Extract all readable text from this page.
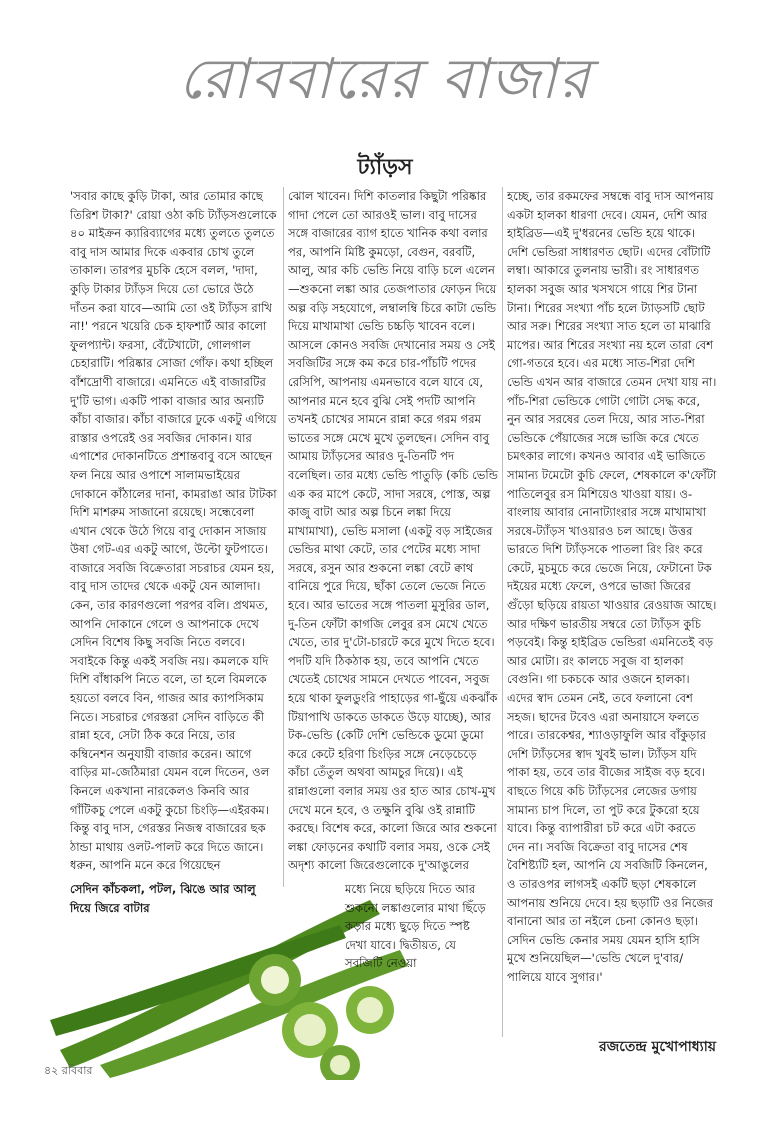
রোববারের বাজার
ট্যাঁড়স

'সবার কাছে কুড়ি টাকা, আর তোমার কাছে তিরিশ টাকা?' রোয়া ওঠা কচি ট্যাঁড়সগুলোকে ৪০ মাইক্রন ক্যারিব্যাগের মধ্যে তুলতে তুলতে বাবু দাস আমার দিকে একবার চোখ তুলে তাকাল। তারপর মুচকি হেসে বলল, 'দাদা, কুড়ি টাকার ট্যাঁড়স দিয়ে তো ভোরে উঠে দাঁতন করা যাবে—আমি তো ওই ট্যাঁড়স রাখি না!' পরনে খয়েরি চেক হাফশার্ট আর কালো ফুলপ্যান্ট। ফরসা, বেঁটেখাটো, গোলগাল চেহারাটি। পরিষ্কার সোজা গোঁফ। কথা হচ্ছিল বাঁশদ্রোণী বাজারে। এমনিতে এই বাজারটির দু'টি ভাগ। একটি পাকা বাজার আর অন্যটি কাঁচা বাজার। কাঁচা বাজারে ঢুকে একটু এগিয়ে রাস্তার ওপরেই ওর সবজির দোকান। যার এপাশের দোকানটিতে প্রশান্তবাবু বসে আছেন ফল নিয়ে আর ওপাশে সালামভাইয়ের দোকানে কাঁঠালের দানা, কামরাঙা আর টাটকা দিশি মাশরুম সাজানো রয়েছে। সন্ধেবেলা এখান থেকে উঠে গিয়ে বাবু দোকান সাজায় উষা গেট-এর একটু আগে, উল্টো ফুটপাতে। বাজারে সবজি বিক্রেতারা সচরাচর যেমন হয়, বাবু দাস তাদের থেকে একটু যেন আলাদা। কেন, তার কারণগুলো পরপর বলি। প্রথমত, আপনি দোকানে গেলে ও আপনাকে দেখে সেদিন বিশেষ কিছু সবজি নিতে বলবে। সবাইকে কিন্তু একই সবজি নয়। কমলকে যদি দিশি বাঁধাকপি নিতে বলে, তা হলে বিমলকে হয়তো বলবে বিন, গাজর আর ক্যাপসিকাম নিতে। সচরাচর গেরস্তরা সেদিন বাড়িতে কী রান্না হবে, সেটা ঠিক করে নিয়ে, তার কম্বিনেশন অনুযায়ী বাজার করেন। আগে বাড়ির মা-জেঠিমারা যেমন বলে দিতেন, ওল কিনলে একখানা নারকেলও কিনবি আর গাঁটিকচু পেলে একটু কুচো চিংড়ি—এইরকম। কিন্তু বাবু দাস, গেরস্তর নিজস্ব বাজারের ছক ঠান্ডা মাথায় ওলট-পালট করে দিতে জানে। ধরুন, আপনি মনে করে গিয়েছেন

ঝোল খাবেন। দিশি কাতলার কিছুটা পরিষ্কার গাদা পেলে তো আরওই ভাল। বাবু দাসের সঙ্গে বাজারের ব্যাগ হাতে খানিক কথা বলার পর, আপনি মিষ্টি কুমড়ো, বেগুন, বরবটি, আলু, আর কচি ভেন্ডি নিয়ে বাড়ি চলে এলেন—শুকনো লঙ্কা আর তেজপাতার ফোড়ন দিয়ে অল্প বড়ি সহযোগে, লম্বালম্বি চিরে কাটা ভেন্ডি দিয়ে মাখামাখা ভেন্ডি চচ্চড়ি খাবেন বলে। আসলে কোনও সবজি দেখানোর সময় ও সেই সবজিটির সঙ্গে কম করে চার-পাঁচটি পদের রেসিপি, আপনায় এমনভাবে বলে যাবে যে, আপনার মনে হবে বুঝি সেই পদটি আপনি তখনই চোখের সামনে রান্না করে গরম গরম ভাতের সঙ্গে মেখে মুখে তুলছেন। সেদিন বাবু আমায় ট্যাঁড়সের আরও দু-তিনটি পদ বলেছিল। তার মধ্যে ভেন্ডি পাতুড়ি (কচি ভেন্ডি এক কর মাপে কেটে, সাদা সরষে, পোস্ত, অল্প কাজু বাটা আর অল্প চিনে লঙ্কা দিয়ে মাখামাখা), ভেন্ডি মসালা (একটু বড় সাইজের ভেন্ডির মাথা কেটে, তার পেটের মধ্যে সাদা সরষে, রসুন আর শুকনো লঙ্কা বেটে ক্বাথ বানিয়ে পুরে দিয়ে, ছাঁকা তেলে ভেজে নিতে হবে। আর ভাতের সঙ্গে পাতলা মুসুরির ডাল, দু-তিন ফোঁটা কাগজি লেবুর রস মেখে খেতে খেতে, তার দু'টো-চারটে করে মুখে দিতে হবে। পদটি যদি ঠিকঠাক হয়, তবে আপনি খেতে খেতেই চোখের সামনে দেখতে পাবেন, সবুজ হয়ে থাকা ফুলডুংরি পাহাড়ের গা-ছুঁয়ে একঝাঁক টিয়াপাখি ডাকতে ডাকতে উড়ে যাচ্ছে), আর টক-ভেন্ডি (কেটি দেশি ভেন্ডিকে ডুমো ডুমো করে কেটে হরিণা চিংড়ির সঙ্গে নেড়েচেড়ে কাঁচা তেঁতুল অথবা আমচুর দিয়ে)। এই রান্নাগুলো বলার সময় ওর হাত আর চোখ-মুখ দেখে মনে হবে, ও তক্ষুনি বুঝি ওই রান্নাটি করছে। বিশেষ করে, কালো জিরে আর শুকনো লঙ্কা ফোড়নের কথাটি বলার সময়, ওকে সেই অদৃশ্য কালো জিরেগুলোকে দু'আঙুলের

হচ্ছে, তার রকমফের সম্বন্ধে বাবু দাস আপনায় একটা হালকা ধারণা দেবে। যেমন, দেশি আর হাইব্রিড—এই দু'ধরনের ভেন্ডি হয়ে থাকে। দেশি ভেন্ডিরা সাধারণত ছোট। এদের বোঁটাটি লম্বা। আকারে তুলনায় ভারী। রং সাধারণত হালকা সবুজ আর খসখসে গায়ে শির টানা টানা। শিরের সংখ্যা পাঁচ হলে ট্যাড়সটি ছোট আর সরু। শিরের সংখ্যা সাত হলে তা মাঝারি মাপের। আর শিরের সংখ্যা নয় হলে তারা বেশ গাে-গতরে হবে। এর মধ্যে সাত-শিরা দেশি ভেন্ডি এখন আর বাজারে তেমন দেখা যায় না। পাঁচ-শিরা ভেন্ডিকে গোটা গোটা সেদ্ধ করে, নুন আর সরষের তেল দিয়ে, আর সাত-শিরা ভেন্ডিকে পেঁয়াজের সঙ্গে ভাজি করে খেতে চমৎকার লাগে। কখনও আবার এই ভাজিতে সামান্য টমেটো কুচি ফেলে, শেষকালে ক'ফোঁটা পাতিলেবুর রস মিশিয়েও খাওয়া যায়। ও-বাংলায় আবার নোনাট্যাংরার সঙ্গে মাখামাখা সরষে-ট্যাঁড়স খাওয়ারও চল আছে। উত্তর ভারতে দিশি ট্যাঁড়সকে পাতলা রিং রিং করে কেটে, মুচমুচে করে ভেজে নিয়ে, ফেটানো টক দইয়ের মধ্যে ফেলে, ওপরে ভাজা জিরের গুঁড়ো ছড়িয়ে রায়তা খাওয়ার রেওয়াজ আছে। আর দক্ষিণ ভারতীয় সম্বরে তো ট্যাঁড়স কুচি পড়বেই। কিন্তু হাইব্রিড ভেন্ডিরা এমনিতেই বড় আর মোটা। রং কালচে সবুজ বা হালকা বেগুনি। গা চকচকে আর ওজনে হালকা। এদের স্বাদ তেমন নেই, তবে ফলানো বেশ সহজ। ছাদের টবেও এরা অনায়াসে ফলতে পারে। তারকেশ্বর, শ্যাওড়াফুলি আর বাঁকুড়ার দেশি ট্যাঁড়সের স্বাদ খুবই ভাল। ট্যাঁড়স যদি পাকা হয়, তবে তার বীজের সাইজ বড় হবে। বাছতে গিয়ে কচি ট্যাঁড়সের লেজের ডগায় সামান্য চাপ দিলে, তা পুট করে টুকরো হয়ে যাবে। কিন্তু ব্যাপারীরা চট করে এটা করতে দেন না। সবজি বিক্রেতা বাবু দাসের শেষ বৈশিষ্ট্যটি হল, আপনি যে সবজিটি কিনলেন, ও তারওপর লাগসই একটি ছড়া শেষকালে আপনায় শুনিয়ে দেবে। হয় ছড়াটি ওর নিজের বানানো আর তা নইলে চেনা কোনও ছড়া। সেদিন ভেন্ডি কেনার সময় যেমন হাসি হাসি মুখে শুনিয়েছিল—'ভেন্ডি খেলে দু'বার/পালিয়ে যাবে সুগার।'

সেদিন কাঁচকলা, পটল, ঝিঙে আর আলু দিয়ে জিরে বাটার
মধ্যে নিয়ে ছড়িয়ে দিতে আর শুকনো লঙ্কাগুলোর মাথা ছিঁড়ে কড়ার মধ্যে ছুড়ে দিতে স্পষ্ট দেখা যাবে। দ্বিতীয়ত, যে সবজিটি নেওয়া
রজতেন্দ্র মুখোপাধ্যায়
৪২ রবিবার
